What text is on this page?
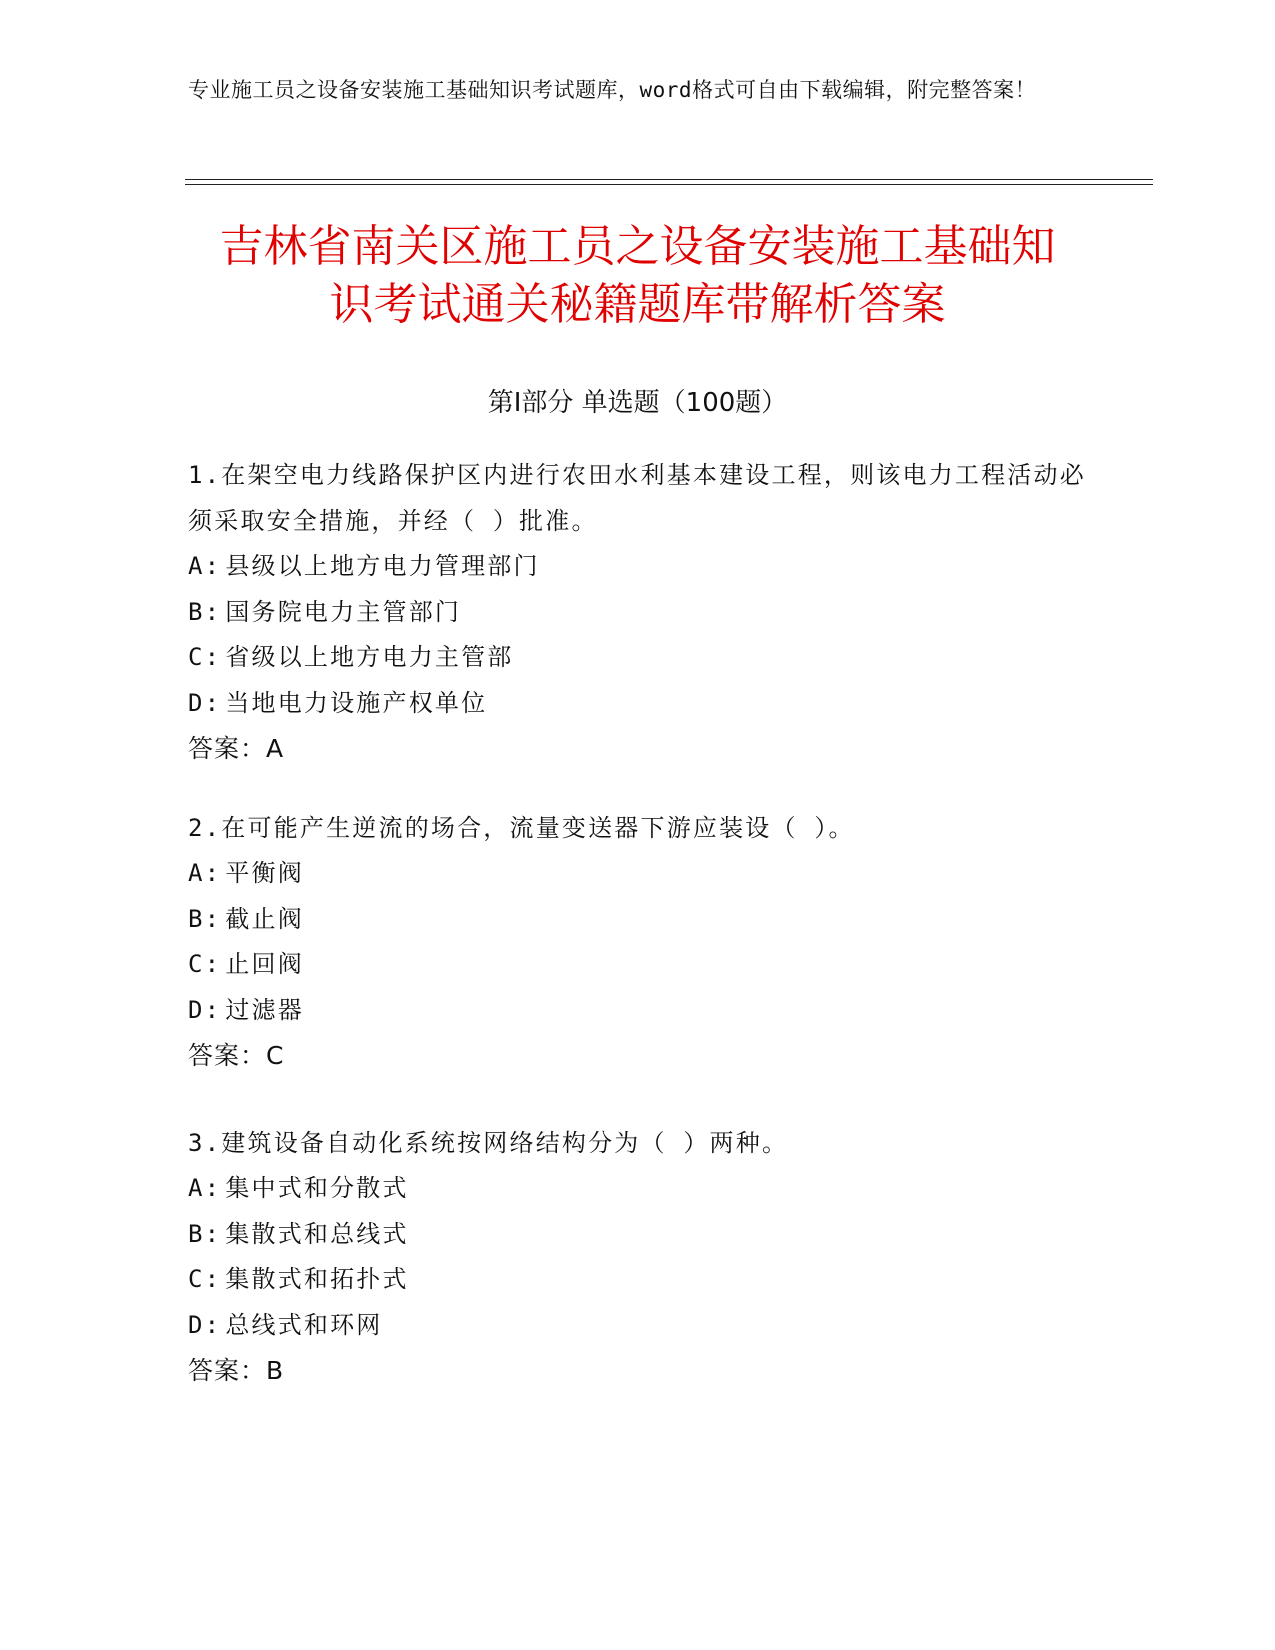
专业施工员之设备安装施工基础知识考试题库，word格式可自由下载编辑，附完整答案！
吉林省南关区施工员之设备安装施工基础知
识考试通关秘籍题库带解析答案
第Ⅰ部分 单选题（100题）

1.在架空电力线路保护区内进行农田水利基本建设工程，则该电力工程活动必须采取安全措施，并经（ ）批准。

A: 县级以上地方电力管理部门

B: 国务院电力主管部门

C: 省级以上地方电力主管部

D: 当地电力设施产权单位

答案：A

2.在可能产生逆流的场合，流量变送器下游应装设（ ）。

A: 平衡阀

B: 截止阀

C: 止回阀

D: 过滤器

答案：C

3.建筑设备自动化系统按网络结构分为（ ）两种。

A: 集中式和分散式

B: 集散式和总线式

C: 集散式和拓扑式

D: 总线式和环网

答案：B
